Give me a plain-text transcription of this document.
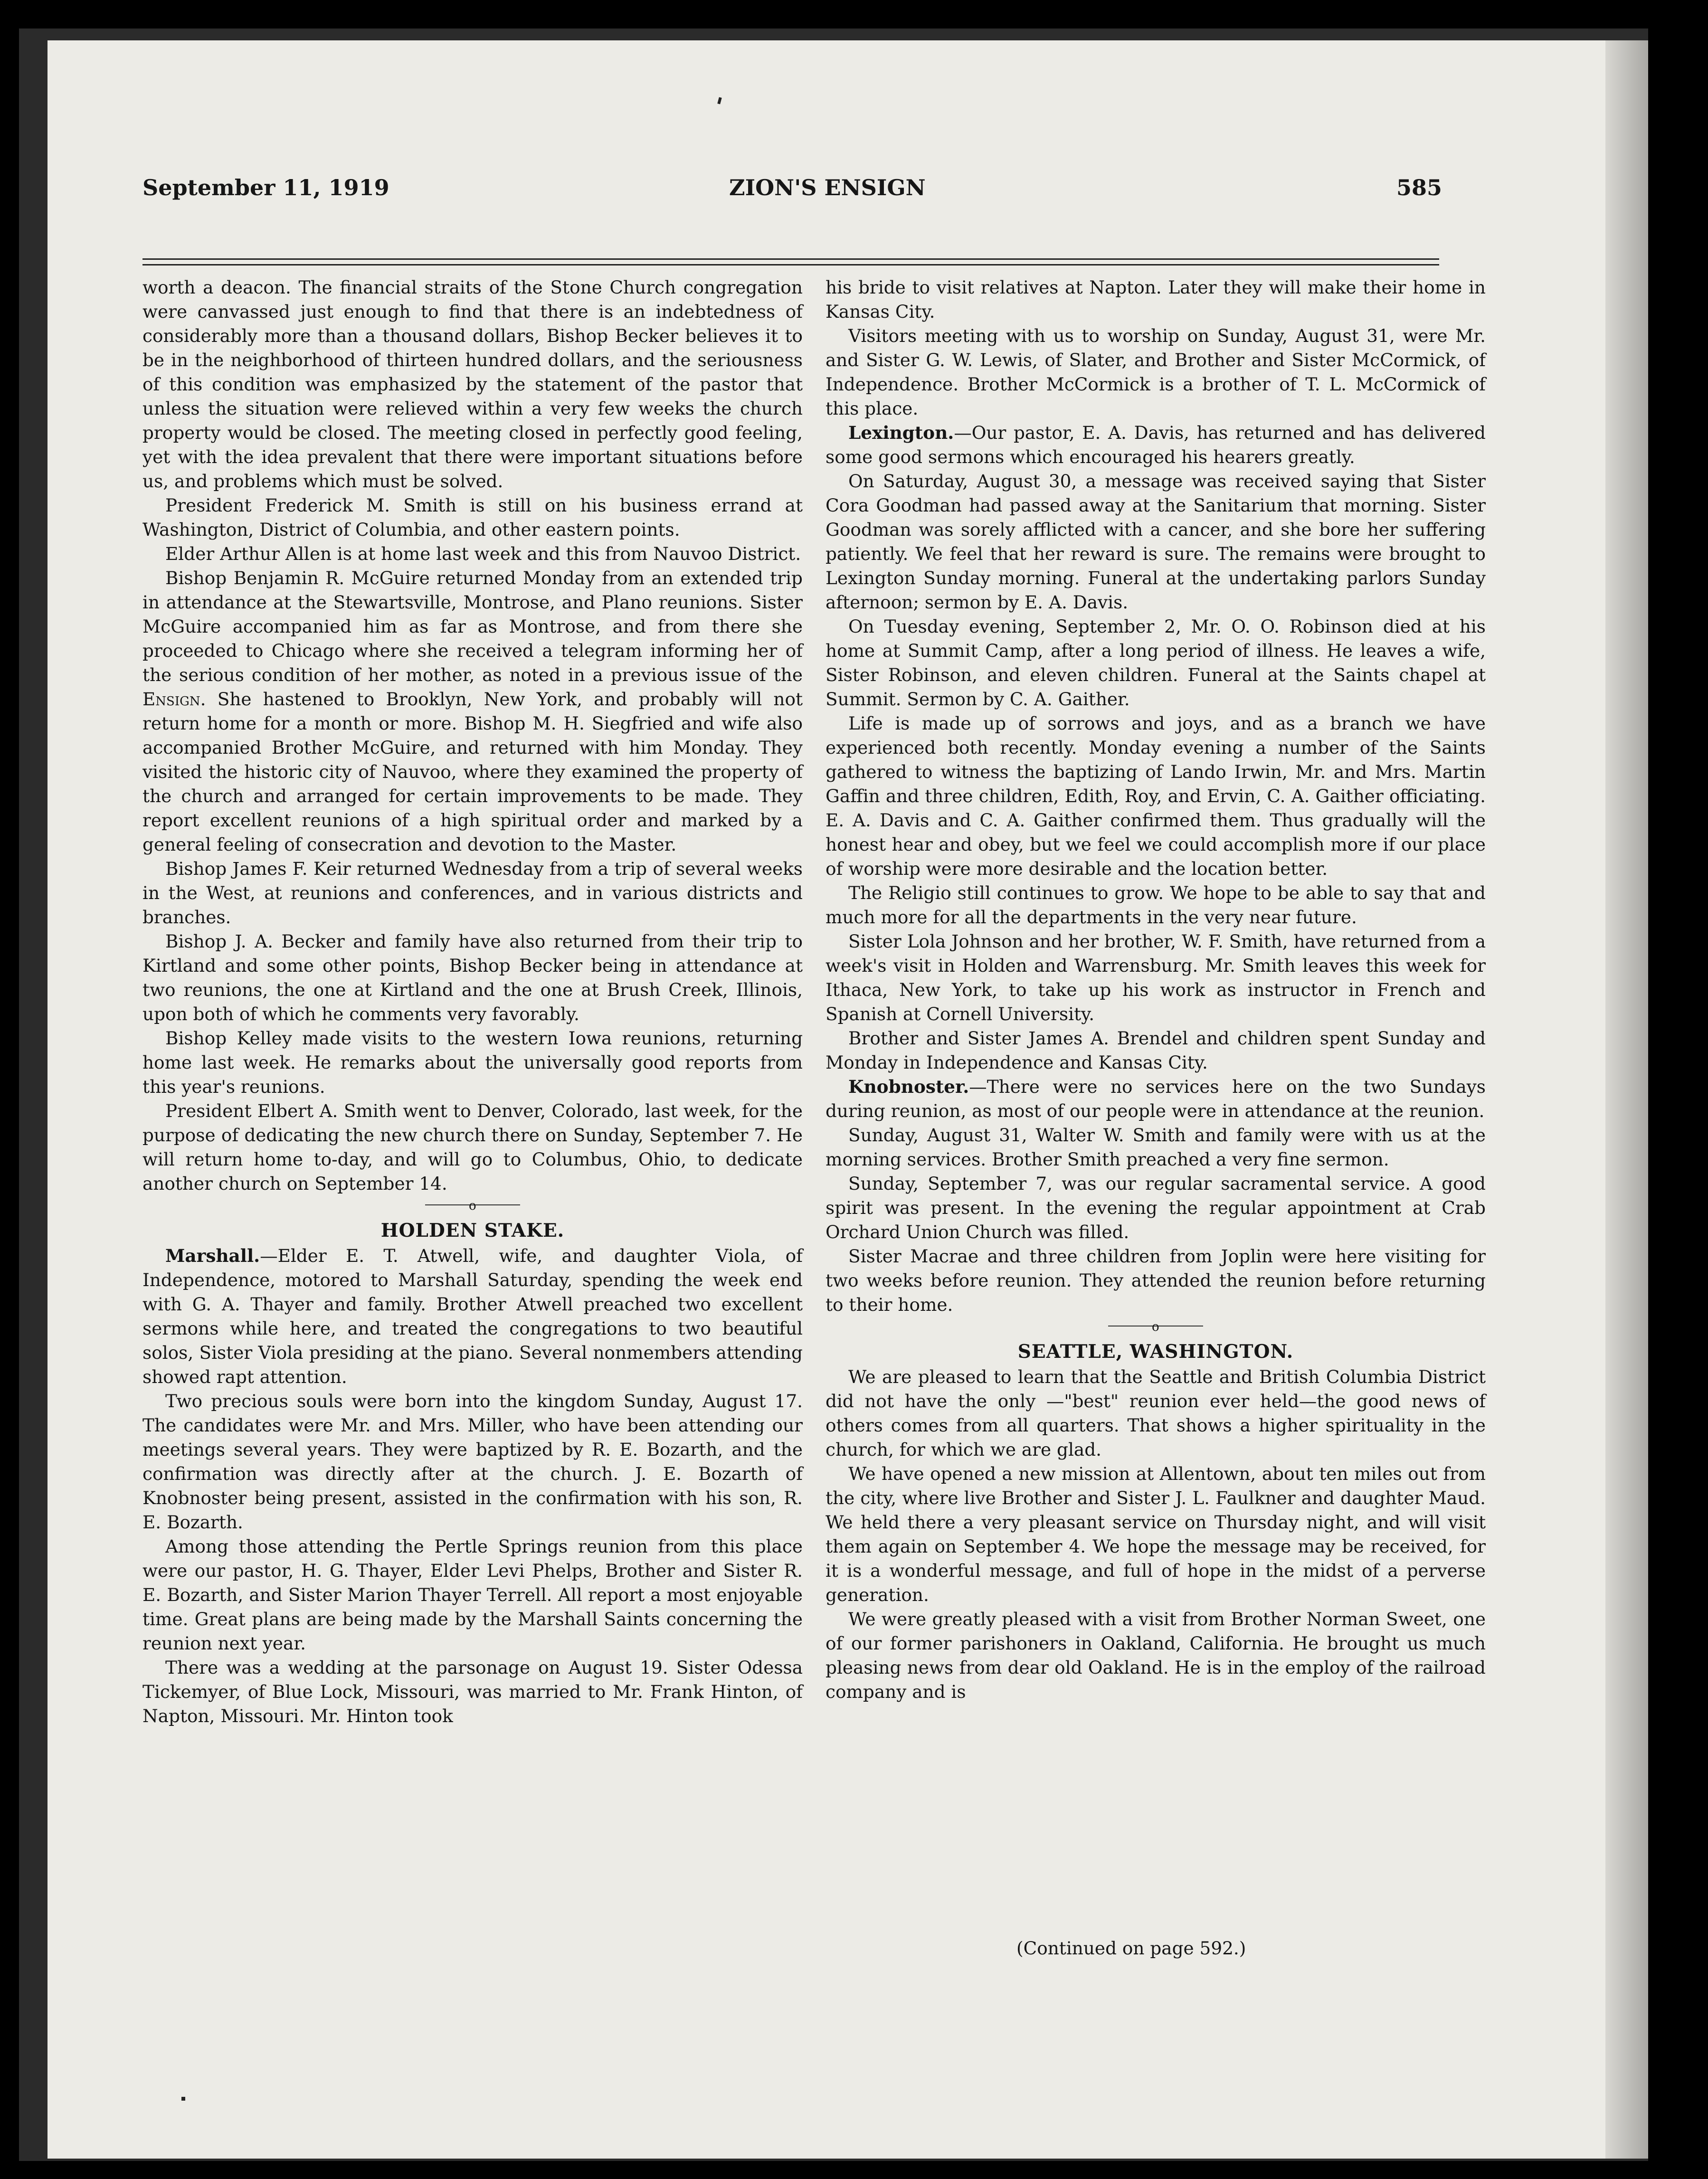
September 11, 1919	ZION'S ENSIGN	585

worth a deacon. The financial straits of the Stone Church congregation were canvassed just enough to find that there is an indebtedness of considerably more than a thousand dollars, Bishop Becker believes it to be in the neighborhood of thirteen hundred dollars, and the seriousness of this condition was emphasized by the statement of the pastor that unless the situation were relieved within a very few weeks the church property would be closed. The meeting closed in perfectly good feeling, yet with the idea prevalent that there were important situations before us, and problems which must be solved.

President Frederick M. Smith is still on his business errand at Washington, District of Columbia, and other eastern points.

Elder Arthur Allen is at home last week and this from Nauvoo District.

Bishop Benjamin R. McGuire returned Monday from an extended trip in attendance at the Stewartsville, Montrose, and Plano reunions. Sister McGuire accompanied him as far as Montrose, and from there she proceeded to Chicago where she received a telegram informing her of the serious condition of her mother, as noted in a previous issue of the Ensign. She hastened to Brooklyn, New York, and probably will not return home for a month or more. Bishop M. H. Siegfried and wife also accompanied Brother McGuire, and returned with him Monday. They visited the historic city of Nauvoo, where they examined the property of the church and arranged for certain improvements to be made. They report excellent reunions of a high spiritual order and marked by a general feeling of consecration and devotion to the Master.

Bishop James F. Keir returned Wednesday from a trip of several weeks in the West, at reunions and conferences, and in various districts and branches.

Bishop J. A. Becker and family have also returned from their trip to Kirtland and some other points, Bishop Becker being in attendance at two reunions, the one at Kirtland and the one at Brush Creek, Illinois, upon both of which he comments very favorably.

Bishop Kelley made visits to the western Iowa reunions, returning home last week. He remarks about the universally good reports from this year's reunions.

President Elbert A. Smith went to Denver, Colorado, last week, for the purpose of dedicating the new church there on Sunday, September 7. He will return home to-day, and will go to Columbus, Ohio, to dedicate another church on September 14.

o
HOLDEN STAKE.

Marshall.—Elder E. T. Atwell, wife, and daughter Viola, of Independence, motored to Marshall Saturday, spending the week end with G. A. Thayer and family. Brother Atwell preached two excellent sermons while here, and treated the congregations to two beautiful solos, Sister Viola presiding at the piano. Several nonmembers attending showed rapt attention.

Two precious souls were born into the kingdom Sunday, August 17. The candidates were Mr. and Mrs. Miller, who have been attending our meetings several years. They were baptized by R. E. Bozarth, and the confirmation was directly after at the church. J. E. Bozarth of Knobnoster being present, assisted in the confirmation with his son, R. E. Bozarth.

Among those attending the Pertle Springs reunion from this place were our pastor, H. G. Thayer, Elder Levi Phelps, Brother and Sister R. E. Bozarth, and Sister Marion Thayer Terrell. All report a most enjoyable time. Great plans are being made by the Marshall Saints concerning the reunion next year.

There was a wedding at the parsonage on August 19. Sister Odessa Tickemyer, of Blue Lock, Missouri, was married to Mr. Frank Hinton, of Napton, Missouri. Mr. Hinton took

his bride to visit relatives at Napton. Later they will make their home in Kansas City.

Visitors meeting with us to worship on Sunday, August 31, were Mr. and Sister G. W. Lewis, of Slater, and Brother and Sister McCormick, of Independence. Brother McCormick is a brother of T. L. McCormick of this place.

Lexington.—Our pastor, E. A. Davis, has returned and has delivered some good sermons which encouraged his hearers greatly.

On Saturday, August 30, a message was received saying that Sister Cora Goodman had passed away at the Sanitarium that morning. Sister Goodman was sorely afflicted with a cancer, and she bore her suffering patiently. We feel that her reward is sure. The remains were brought to Lexington Sunday morning. Funeral at the undertaking parlors Sunday afternoon; sermon by E. A. Davis.

On Tuesday evening, September 2, Mr. O. O. Robinson died at his home at Summit Camp, after a long period of illness. He leaves a wife, Sister Robinson, and eleven children. Funeral at the Saints chapel at Summit. Sermon by C. A. Gaither.

Life is made up of sorrows and joys, and as a branch we have experienced both recently. Monday evening a number of the Saints gathered to witness the baptizing of Lando Irwin, Mr. and Mrs. Martin Gaffin and three children, Edith, Roy, and Ervin, C. A. Gaither officiating. E. A. Davis and C. A. Gaither confirmed them. Thus gradually will the honest hear and obey, but we feel we could accomplish more if our place of worship were more desirable and the location better.

The Religio still continues to grow. We hope to be able to say that and much more for all the departments in the very near future.

Sister Lola Johnson and her brother, W. F. Smith, have returned from a week's visit in Holden and Warrensburg. Mr. Smith leaves this week for Ithaca, New York, to take up his work as instructor in French and Spanish at Cornell University.

Brother and Sister James A. Brendel and children spent Sunday and Monday in Independence and Kansas City.

Knobnoster.—There were no services here on the two Sundays during reunion, as most of our people were in attendance at the reunion.

Sunday, August 31, Walter W. Smith and family were with us at the morning services. Brother Smith preached a very fine sermon.

Sunday, September 7, was our regular sacramental service. A good spirit was present. In the evening the regular appointment at Crab Orchard Union Church was filled.

Sister Macrae and three children from Joplin were here visiting for two weeks before reunion. They attended the reunion before returning to their home.

o
SEATTLE, WASHINGTON.

We are pleased to learn that the Seattle and British Columbia District did not have the only —"best" reunion ever held—the good news of others comes from all quarters. That shows a higher spirituality in the church, for which we are glad.

We have opened a new mission at Allentown, about ten miles out from the city, where live Brother and Sister J. L. Faulkner and daughter Maud. We held there a very pleasant service on Thursday night, and will visit them again on September 4. We hope the message may be received, for it is a wonderful message, and full of hope in the midst of a perverse generation.

We were greatly pleased with a visit from Brother Norman Sweet, one of our former parishoners in Oakland, California. He brought us much pleasing news from dear old Oakland. He is in the employ of the railroad company and is

(Continued on page 592.)
